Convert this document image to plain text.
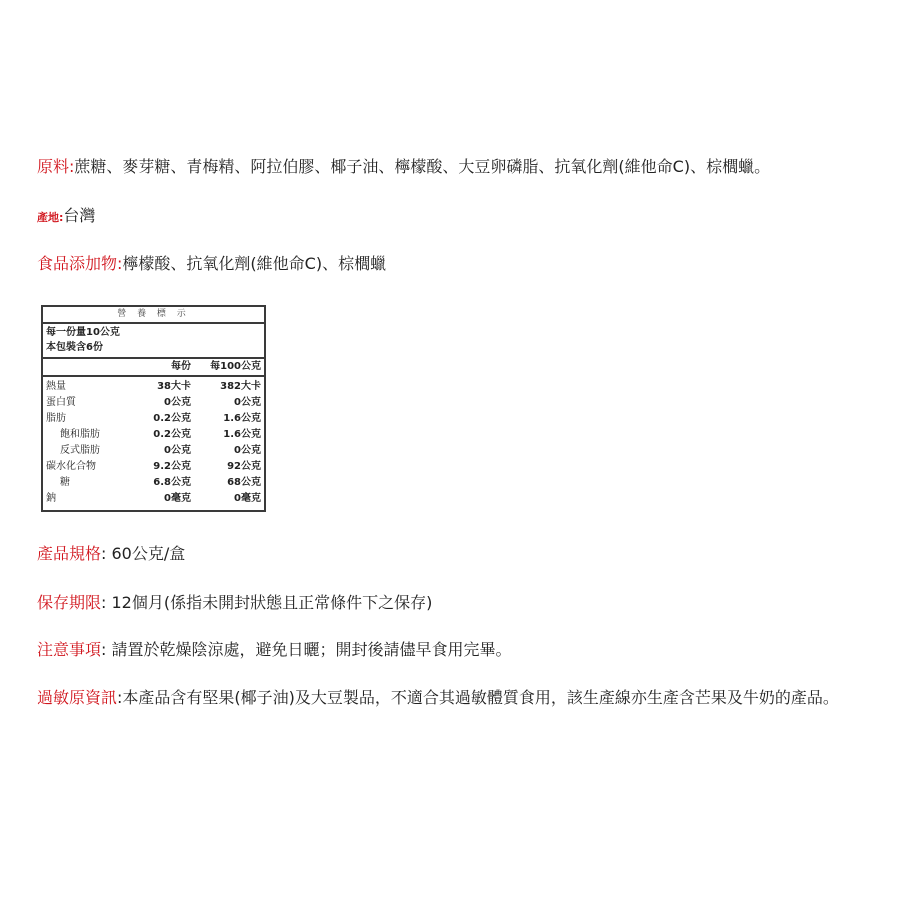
原料:蔗糖、麥芽糖、青梅精、阿拉伯膠、椰子油、檸檬酸、大豆卵磷脂、抗氧化劑(維他命C)、棕櫚蠟。
產地:台灣
食品添加物:檸檬酸、抗氧化劑(維他命C)、棕櫚蠟
營 養 標 示
每一份量10公克
本包裝含6份
每份	每100公克
熱量	38大卡	382大卡
蛋白質	0公克	0公克
脂肪	0.2公克	1.6公克
飽和脂肪	0.2公克	1.6公克
反式脂肪	0公克	0公克
碳水化合物	9.2公克	92公克
糖	6.8公克	68公克
鈉	0毫克	0毫克
產品規格: 60公克/盒
保存期限: 12個月(係指未開封狀態且正常條件下之保存)
注意事項: 請置於乾燥陰涼處，避免日曬；開封後請儘早食用完畢。
過敏原資訊:本產品含有堅果(椰子油)及大豆製品，不適合其過敏體質食用，該生產線亦生產含芒果及牛奶的產品。
